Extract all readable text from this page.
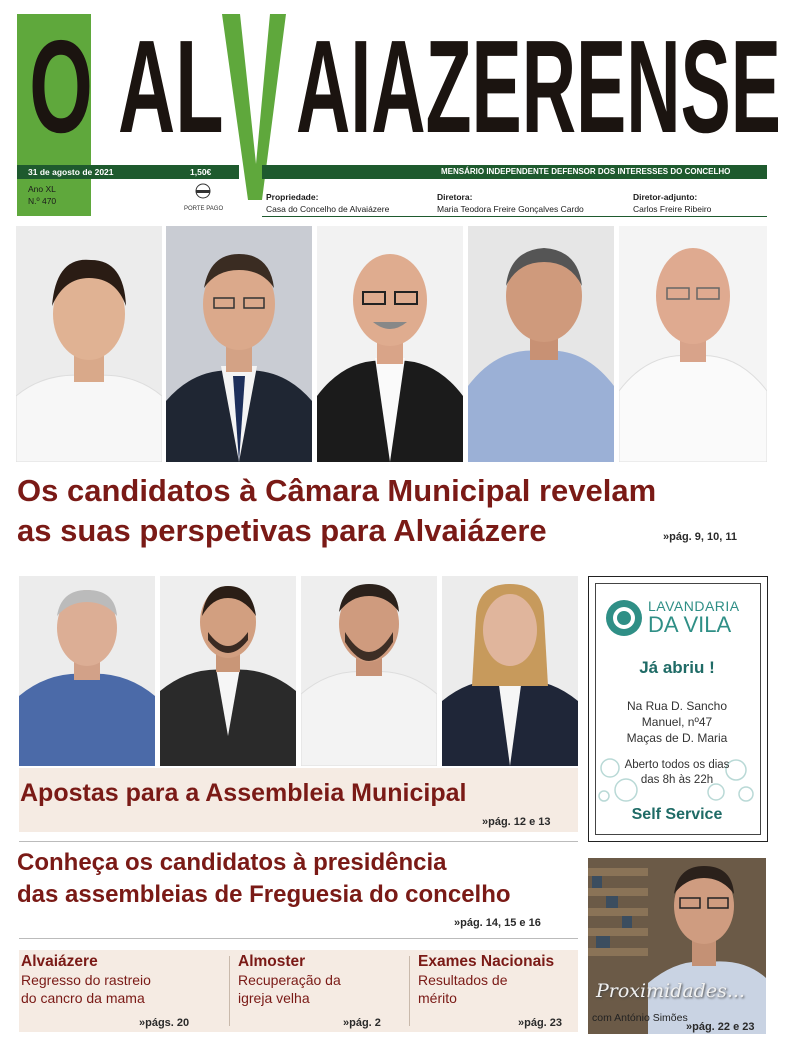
O AL AIAZERENSE
31 de agosto de 2021	1,50€	MENSÁRIO INDEPENDENTE DEFENSOR DOS INTERESSES DO CONCELHO
Ano XL
N.º 470
PORTE PAGO
Propriedade:
Casa do Concelho de Alvaiázere
Diretora:
Maria Teodora Freire Gonçalves Cardo
Diretor-adjunto:
Carlos Freire Ribeiro
Os candidatos à Câmara Municipal revelam
as suas perspetivas para Alvaiázere	»pág. 9, 10, 11
Apostas para a Assembleia Municipal
»pág. 12 e 13
LAVANDARIA
DA VILA
Já abriu !
Na Rua D. Sancho
Manuel, nº47
Maças de D. Maria
Aberto todos os dias
das 8h às 22h
Self Service
Conheça os candidatos à presidência
das assembleias de Freguesia do concelho
»pág. 14, 15 e 16
Proximidades...
com António Simões
»pág. 22 e 23
Alvaiázere
Regresso do rastreio
do cancro da mama
»págs. 20
Almoster
Recuperação da
igreja velha
»pág. 2
Exames Nacionais
Resultados de
mérito
»pág. 23
